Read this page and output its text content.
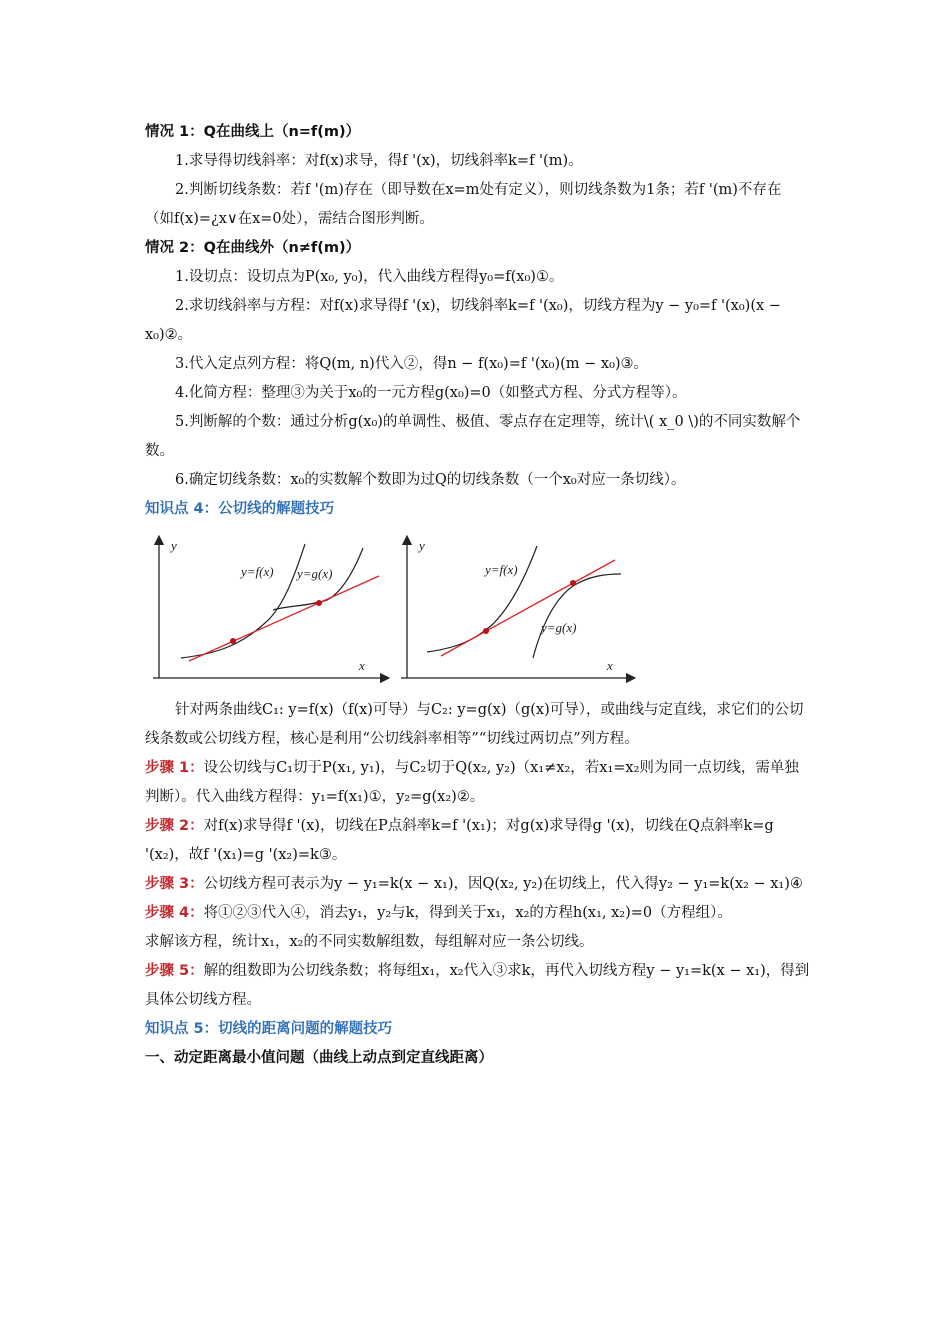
情况 1：Q在曲线上（n=f(m)）

1.求导得切线斜率：对f(x)求导，得f '(x)，切线斜率k=f '(m)。

2.判断切线条数：若f '(m)存在（即导数在x=m处有定义），则切线条数为1条；若f '(m)不存在（如f(x)=¿x∨在x=0处），需结合图形判断。

情况 2：Q在曲线外（n≠f(m)）

1.设切点：设切点为P(x₀, y₀)，代入曲线方程得y₀=f(x₀)①。

2.求切线斜率与方程：对f(x)求导得f '(x)，切线斜率k=f '(x₀)，切线方程为y − y₀=f '(x₀)(x − x₀)②。

3.代入定点列方程：将Q(m, n)代入②，得n − f(x₀)=f '(x₀)(m − x₀)③。

4.化简方程：整理③为关于x₀的一元方程g(x₀)=0（如整式方程、分式方程等）。

5.判断解的个数：通过分析g(x₀)的单调性、极值、零点存在定理等，统计\( x_0 \)的不同实数解个数。

6.确定切线条数：x₀的实数解个数即为过Q的切线条数（一个x₀对应一条切线）。

知识点 4：公切线的解题技巧

y
x
y=f(x) y=g(x)
y
x
y=f(x)
y=g(x)

针对两条曲线C₁: y=f(x)（f(x)可导）与C₂: y=g(x)（g(x)可导），或曲线与定直线，求它们的公切线条数或公切线方程，核心是利用“公切线斜率相等”“切线过两切点”列方程。

步骤 1：设公切线与C₁切于P(x₁, y₁)，与C₂切于Q(x₂, y₂)（x₁≠x₂，若x₁=x₂则为同一点切线，需单独判断）。代入曲线方程得：y₁=f(x₁)①，y₂=g(x₂)②。

步骤 2：对f(x)求导得f '(x)，切线在P点斜率k=f '(x₁)；对g(x)求导得g '(x)，切线在Q点斜率k=g '(x₂)，故f '(x₁)=g '(x₂)=k③。

步骤 3：公切线方程可表示为y − y₁=k(x − x₁)，因Q(x₂, y₂)在切线上，代入得y₂ − y₁=k(x₂ − x₁)④

步骤 4：将①②③代入④，消去y₁，y₂与k，得到关于x₁，x₂的方程h(x₁, x₂)=0（方程组）。

求解该方程，统计x₁，x₂的不同实数解组数，每组解对应一条公切线。

步骤 5：解的组数即为公切线条数；将每组x₁，x₂代入③求k，再代入切线方程y − y₁=k(x − x₁)，得到具体公切线方程。

知识点 5：切线的距离问题的解题技巧

一、动定距离最小值问题（曲线上动点到定直线距离）
